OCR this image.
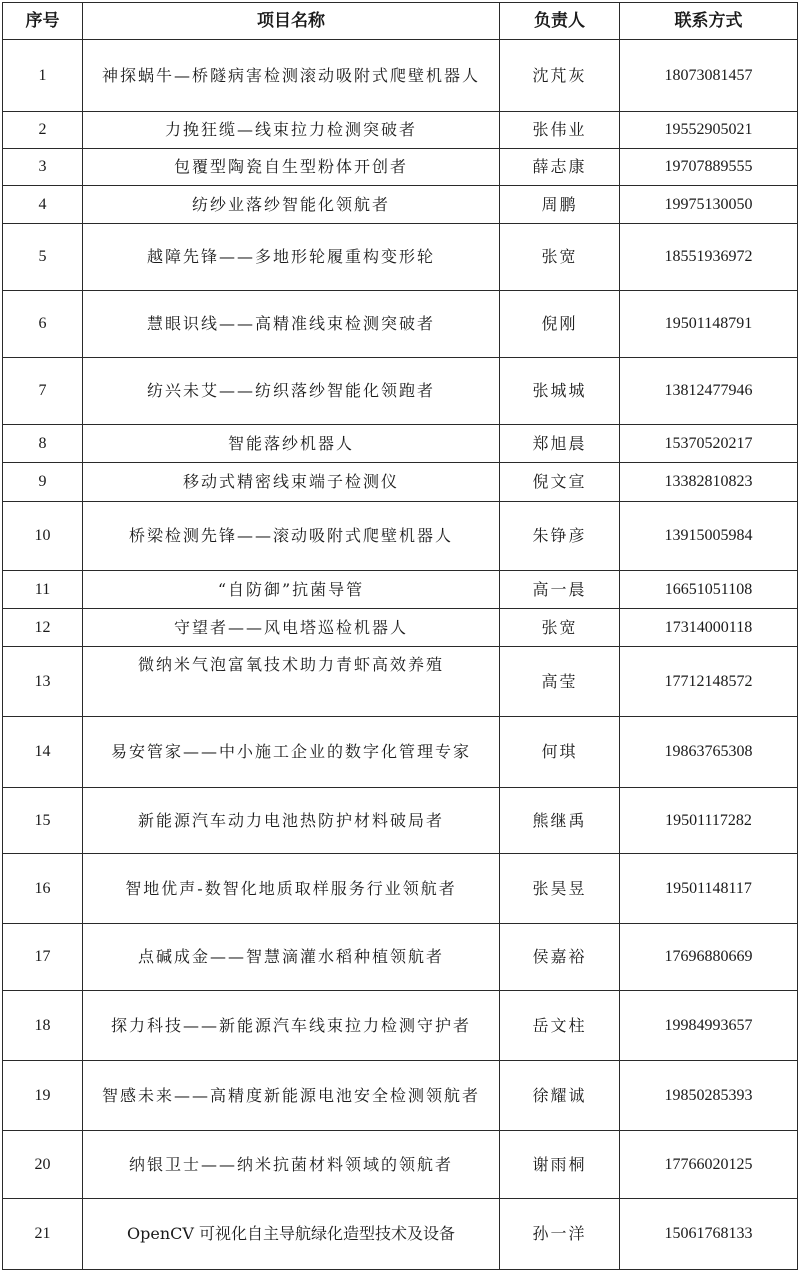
序号	项目名称	负责人	联系方式
1	神探蜗牛—桥隧病害检测滚动吸附式爬壁机器人	沈芃灰	18073081457
2	力挽狂缆—线束拉力检测突破者	张伟业	19552905021
3	包覆型陶瓷自生型粉体开创者	薛志康	19707889555
4	纺纱业落纱智能化领航者	周鹏	19975130050
5	越障先锋——多地形轮履重构变形轮	张宽	18551936972
6	慧眼识线——高精准线束检测突破者	倪刚	19501148791
7	纺兴未艾——纺织落纱智能化领跑者	张城城	13812477946
8	智能落纱机器人	郑旭晨	15370520217
9	移动式精密线束端子检测仪	倪文宣	13382810823
10	桥梁检测先锋——滚动吸附式爬壁机器人	朱铮彦	13915005984
11	“自防御”抗菌导管	高一晨	16651051108
12	守望者——风电塔巡检机器人	张宽	17314000118
13	微纳米气泡富氧技术助力青虾高效养殖	高莹	17712148572
14	易安管家——中小施工企业的数字化管理专家	何琪	19863765308
15	新能源汽车动力电池热防护材料破局者	熊继禹	19501117282
16	智地优声-数智化地质取样服务行业领航者	张昊昱	19501148117
17	点碱成金——智慧滴灌水稻种植领航者	侯嘉裕	17696880669
18	探力科技——新能源汽车线束拉力检测守护者	岳文柱	19984993657
19	智感未来——高精度新能源电池安全检测领航者	徐耀诚	19850285393
20	纳银卫士——纳米抗菌材料领域的领航者	谢雨桐	17766020125
21	OpenCV 可视化自主导航绿化造型技术及设备	孙一洋	15061768133
